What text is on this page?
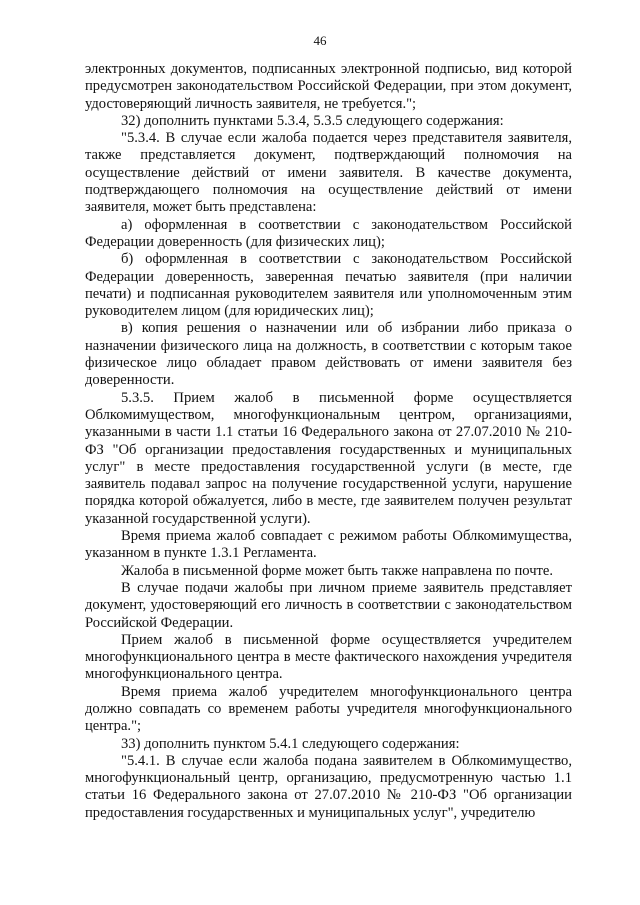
46

электронных документов, подписанных электронной подписью, вид которой предусмотрен законодательством Российской Федерации, при этом документ, удостоверяющий личность заявителя, не требуется.";

32) дополнить пунктами 5.3.4, 5.3.5 следующего содержания:

"5.3.4. В случае если жалоба подается через представителя заявителя, также представляется документ, подтверждающий полномочия на осуществление действий от имени заявителя. В качестве документа, подтверждающего полномочия на осуществление действий от имени заявителя, может быть представлена:

а) оформленная в соответствии с законодательством Российской Федерации доверенность (для физических лиц);

б) оформленная в соответствии с законодательством Российской Федерации доверенность, заверенная печатью заявителя (при наличии печати) и подписанная руководителем заявителя или уполномоченным этим руководителем лицом (для юридических лиц);

в) копия решения о назначении или об избрании либо приказа о назначении физического лица на должность, в соответствии с которым такое физическое лицо обладает правом действовать от имени заявителя без доверенности.

5.3.5. Прием жалоб в письменной форме осуществляется Облкомимуществом, многофункциональным центром, организациями, указанными в части 1.1 статьи 16 Федерального закона от 27.07.2010 № 210-ФЗ "Об организации предоставления государственных и муниципальных услуг" в месте предоставления государственной услуги (в месте, где заявитель подавал запрос на получение государственной услуги, нарушение порядка которой обжалуется, либо в месте, где заявителем получен результат указанной государственной услуги).

Время приема жалоб совпадает с режимом работы Облкомимущества, указанном в пункте 1.3.1 Регламента.

Жалоба в письменной форме может быть также направлена по почте.

В случае подачи жалобы при личном приеме заявитель представляет документ, удостоверяющий его личность в соответствии с законодательством Российской Федерации.

Прием жалоб в письменной форме осуществляется учредителем многофункционального центра в месте фактического нахождения учредителя многофункционального центра.

Время приема жалоб учредителем многофункционального центра должно совпадать со временем работы учредителя многофункционального центра.";

33) дополнить пунктом 5.4.1 следующего содержания:

"5.4.1. В случае если жалоба подана заявителем в Облкомимущество, многофункциональный центр, организацию, предусмотренную частью 1.1 статьи 16 Федерального закона от 27.07.2010 № 210-ФЗ "Об организации предоставления государственных и муниципальных услуг", учредителю
